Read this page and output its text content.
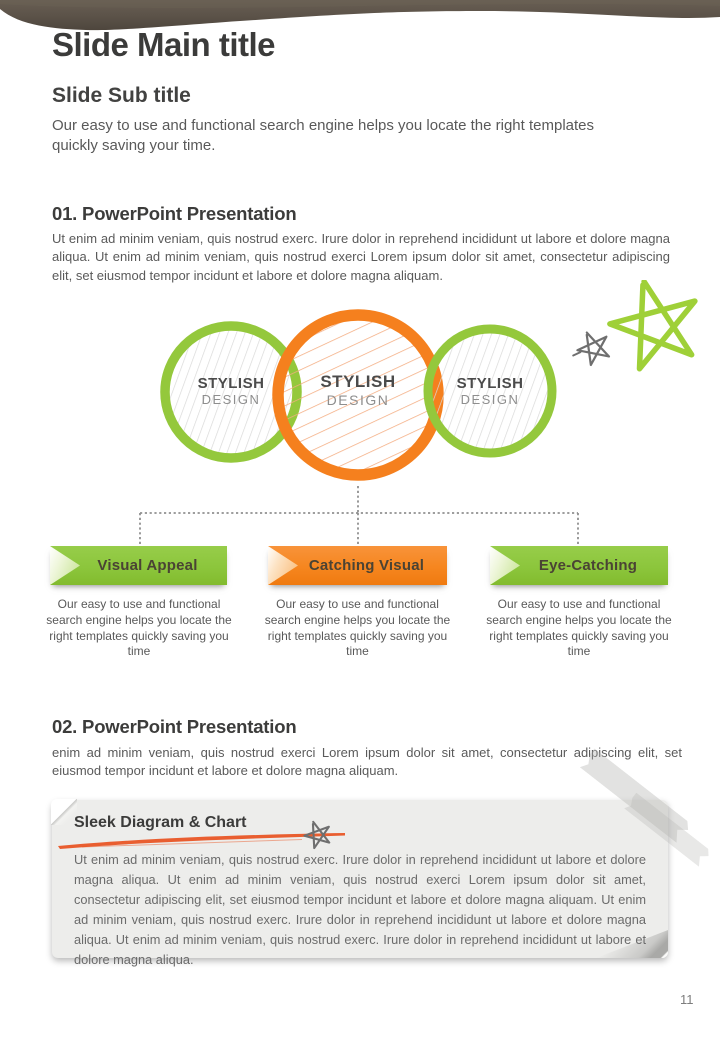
Slide Main title
Slide Sub title
Our easy to use and functional search engine helps you locate the right templates quickly saving your time.
01. PowerPoint Presentation
Ut enim ad minim veniam, quis nostrud exerc. Irure dolor in reprehend incididunt ut labore et dolore magna aliqua. Ut enim ad minim veniam, quis nostrud exerci Lorem ipsum dolor sit amet, consectetur adipiscing elit, set eiusmod tempor incidunt et labore et dolore magna aliquam.
STYLISH
DESIGN
STYLISH
DESIGN
STYLISH
DESIGN
Visual Appeal	Catching Visual	Eye-Catching
Our easy to use and functional search engine helps you locate the right templates quickly saving you time
Our easy to use and functional search engine helps you locate the right templates quickly saving you time
Our easy to use and functional search engine helps you locate the right templates quickly saving you time
02. PowerPoint Presentation
enim ad minim veniam, quis nostrud exerci Lorem ipsum dolor sit amet, consectetur adipiscing elit, set eiusmod tempor incidunt et labore et dolore magna aliquam.
Sleek Diagram & Chart
Ut enim ad minim veniam, quis nostrud exerc. Irure dolor in reprehend incididunt ut labore et dolore magna aliqua. Ut enim ad minim veniam, quis nostrud exerci Lorem ipsum dolor sit amet, consectetur adipiscing elit, set eiusmod tempor incidunt et labore et dolore magna aliquam. Ut enim ad minim veniam, quis nostrud exerc. Irure dolor in reprehend incididunt ut labore et dolore magna aliqua. Ut enim ad minim veniam, quis nostrud exerc. Irure dolor in reprehend incididunt ut labore et dolore magna aliqua.
11
